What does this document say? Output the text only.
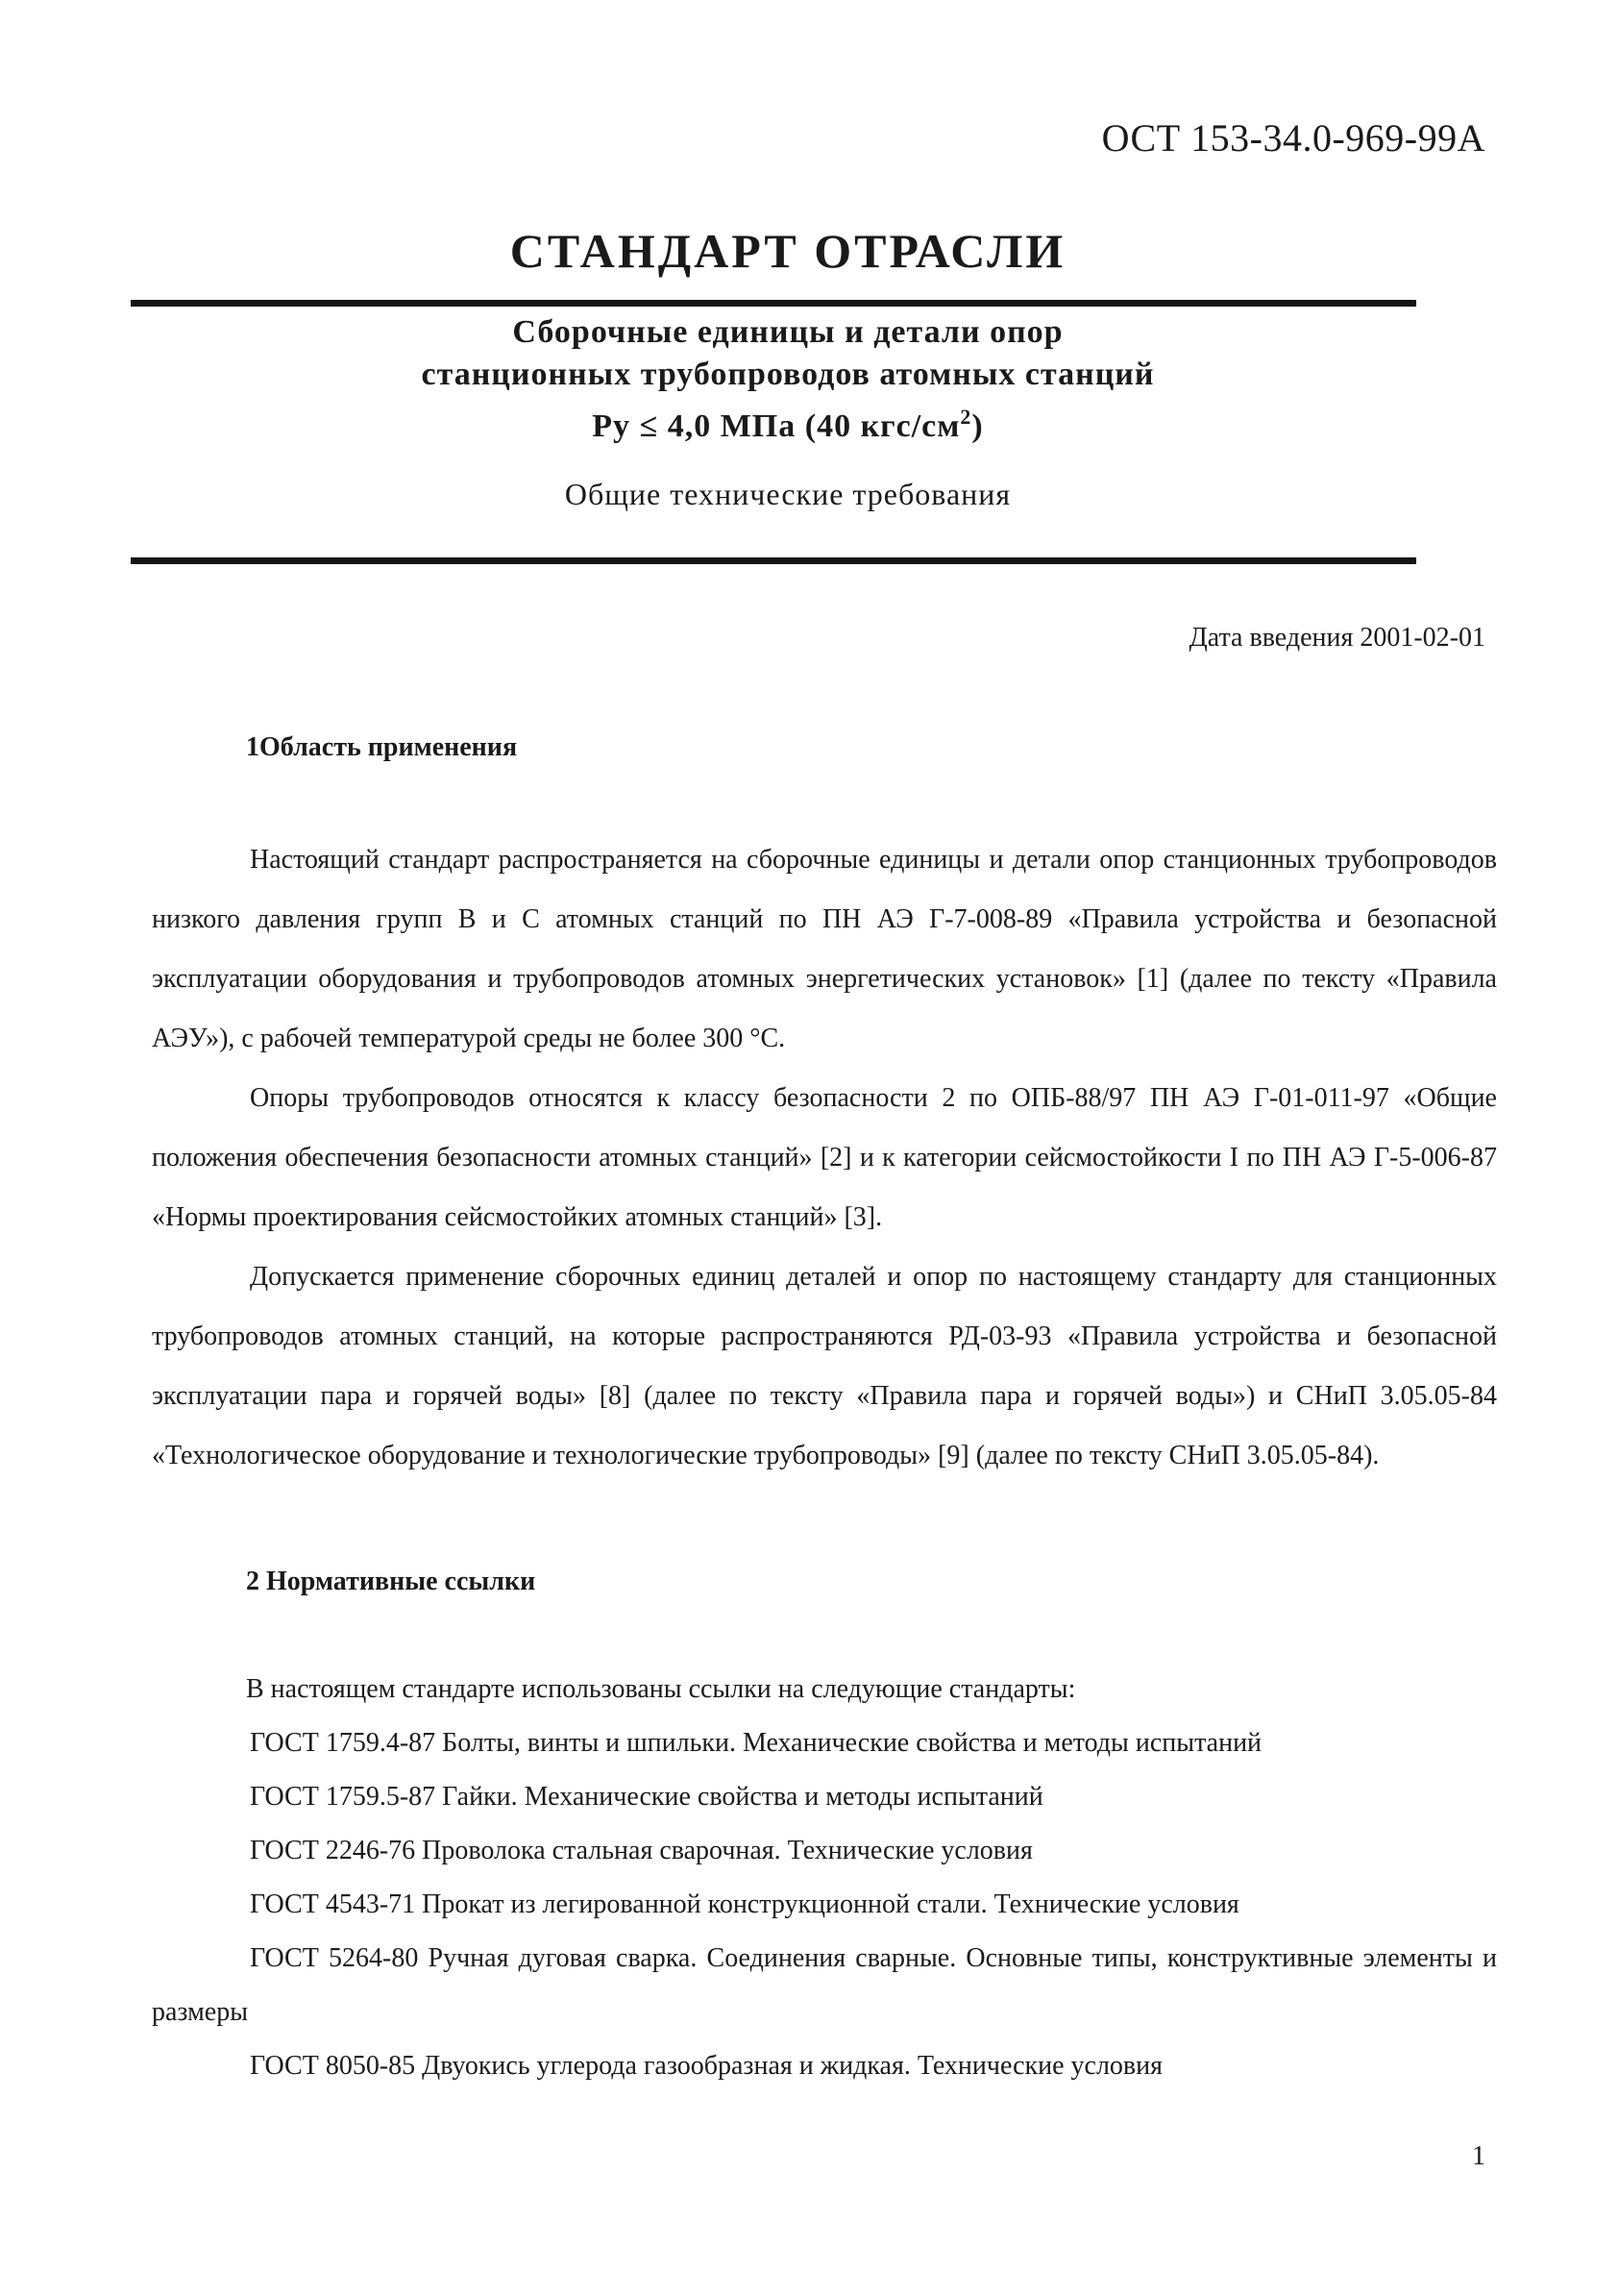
ОСТ 153-34.0-969-99А
СТАНДАРТ ОТРАСЛИ
Сборочные единицы и детали опор
станционных трубопроводов атомных станций
Ру ≤ 4,0 МПа (40 кгс/$см^2$)
Общие технические требования
Дата введения 2001-02-01
1Область применения
Настоящий стандарт распространяется на сборочные единицы и детали опор станционных трубопроводов низкого давления групп В и С атомных станций по ПН АЭ Г-7-008-89 «Правила устройства и безопасной эксплуатации оборудования и трубопроводов атомных энергетических установок» [1] (далее по тексту «Правила АЭУ»), с рабочей температурой среды не более 300 °С.
Опоры трубопроводов относятся к классу безопасности 2 по ОПБ-88/97 ПН АЭ Г-01-011-97 «Общие положения обеспечения безопасности атомных станций» [2] и к категории сейсмостойкости I по ПН АЭ Г-5-006-87 «Нормы проектирования сейсмостойких атомных станций» [3].
Допускается применение сборочных единиц деталей и опор по настоящему стандарту для станционных трубопроводов атомных станций, на которые распространяются РД-03-93 «Правила устройства и безопасной эксплуатации пара и горячей воды» [8] (далее по тексту «Правила пара и горячей воды») и СНиП 3.05.05-84 «Технологическое оборудование и технологические трубопроводы» [9] (далее по тексту СНиП 3.05.05-84).
2 Нормативные ссылки
В настоящем стандарте использованы ссылки на следующие стандарты:
ГОСТ 1759.4-87 Болты, винты и шпильки. Механические свойства и методы испытаний
ГОСТ 1759.5-87 Гайки. Механические свойства и методы испытаний
ГОСТ 2246-76 Проволока стальная сварочная. Технические условия
ГОСТ 4543-71 Прокат из легированной конструкционной стали. Технические условия
ГОСТ 5264-80 Ручная дуговая сварка. Соединения сварные. Основные типы, конструктивные элементы и размеры
ГОСТ 8050-85 Двуокись углерода газообразная и жидкая. Технические условия
1
